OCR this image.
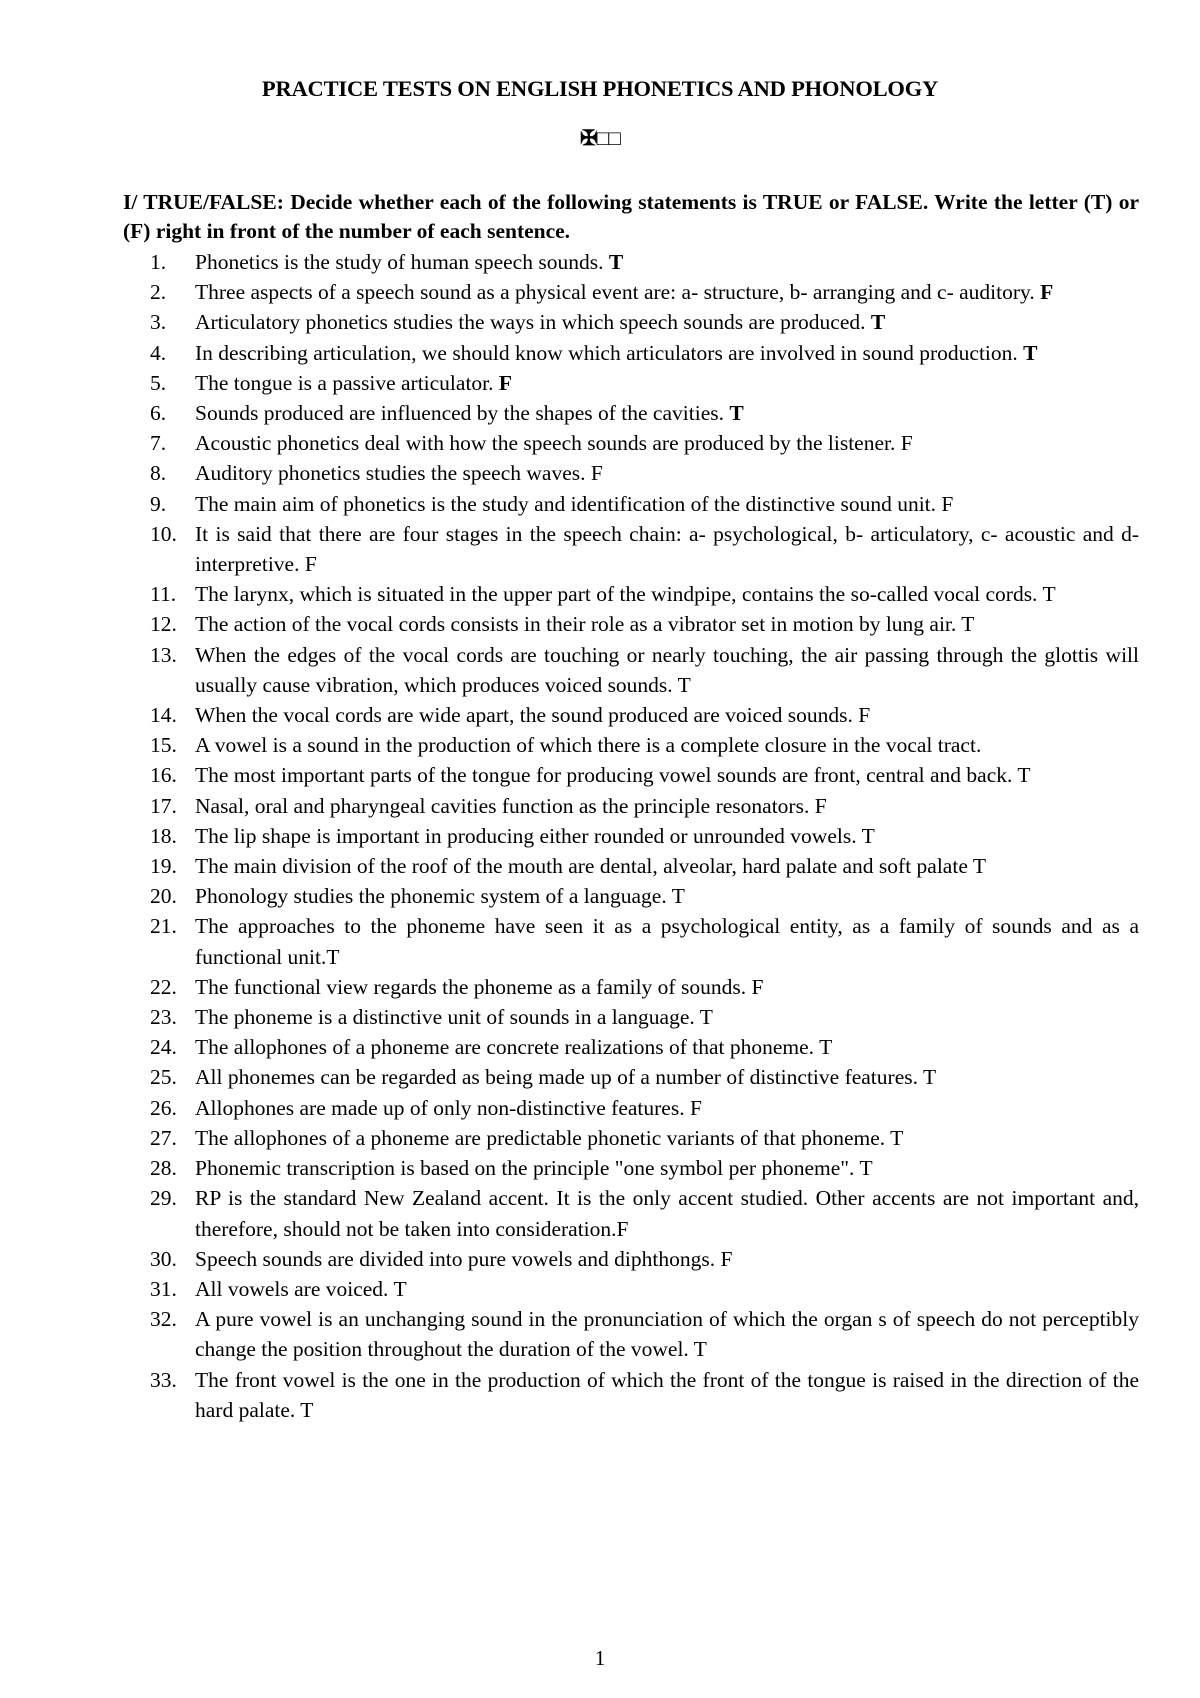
PRACTICE TESTS ON ENGLISH PHONETICS AND PHONOLOGY
✠□□
I/ TRUE/FALSE: Decide whether each of the following statements is TRUE or FALSE. Write the letter (T) or (F) right in front of the number of each sentence.
1.	Phonetics is the study of human speech sounds. T
2.	Three aspects of a speech sound as a physical event are: a- structure, b- arranging and c- auditory. F
3.	Articulatory phonetics studies the ways in which speech sounds are produced. T
4.	In describing articulation, we should know which articulators are involved in sound production. T
5.	The tongue is a passive articulator. F
6.	Sounds produced are influenced by the shapes of the cavities. T
7.	Acoustic phonetics deal with how the speech sounds are produced by the listener. F
8.	Auditory phonetics studies the speech waves. F
9.	The main aim of phonetics is the study and identification of the distinctive sound unit. F
10. It is said that there are four stages in the speech chain: a- psychological, b- articulatory, c- acoustic and d- interpretive. F
11. The larynx, which is situated in the upper part of the windpipe, contains the so-called vocal cords. T
12. The action of the vocal cords consists in their role as a vibrator set in motion by lung air. T
13. When the edges of the vocal cords are touching or nearly touching, the air passing through the glottis will usually cause vibration, which produces voiced sounds. T
14. When the vocal cords are wide apart, the sound produced are voiced sounds. F
15. A vowel is a sound in the production of which there is a complete closure in the vocal tract.
16. The most important parts of the tongue for producing vowel sounds are front, central and back. T
17. Nasal, oral and pharyngeal cavities function as the principle resonators. F
18. The lip shape is important in producing either rounded or unrounded vowels. T
19. The main division of the roof of the mouth are dental, alveolar, hard palate and soft palate T
20. Phonology studies the phonemic system of a language. T
21. The approaches to the phoneme have seen it as a psychological entity, as a family of sounds and as a functional unit.T
22. The functional view regards the phoneme as a family of sounds. F
23. The phoneme is a distinctive unit of sounds in a language. T
24. The allophones of a phoneme are concrete realizations of that phoneme. T
25. All phonemes can be regarded as being made up of a number of distinctive features. T
26. Allophones are made up of only non-distinctive features. F
27. The allophones of a phoneme are predictable phonetic variants of that phoneme. T
28. Phonemic transcription is based on the principle "one symbol per phoneme". T
29. RP is the standard New Zealand accent. It is the only accent studied. Other accents are not important and, therefore, should not be taken into consideration.F
30. Speech sounds are divided into pure vowels and diphthongs. F
31. All vowels are voiced. T
32. A pure vowel is an unchanging sound in the pronunciation of which the organ s of speech do not perceptibly change the position throughout the duration of the vowel. T
33. The front vowel is the one in the production of which the front of the tongue is raised in the direction of the hard palate. T
1
